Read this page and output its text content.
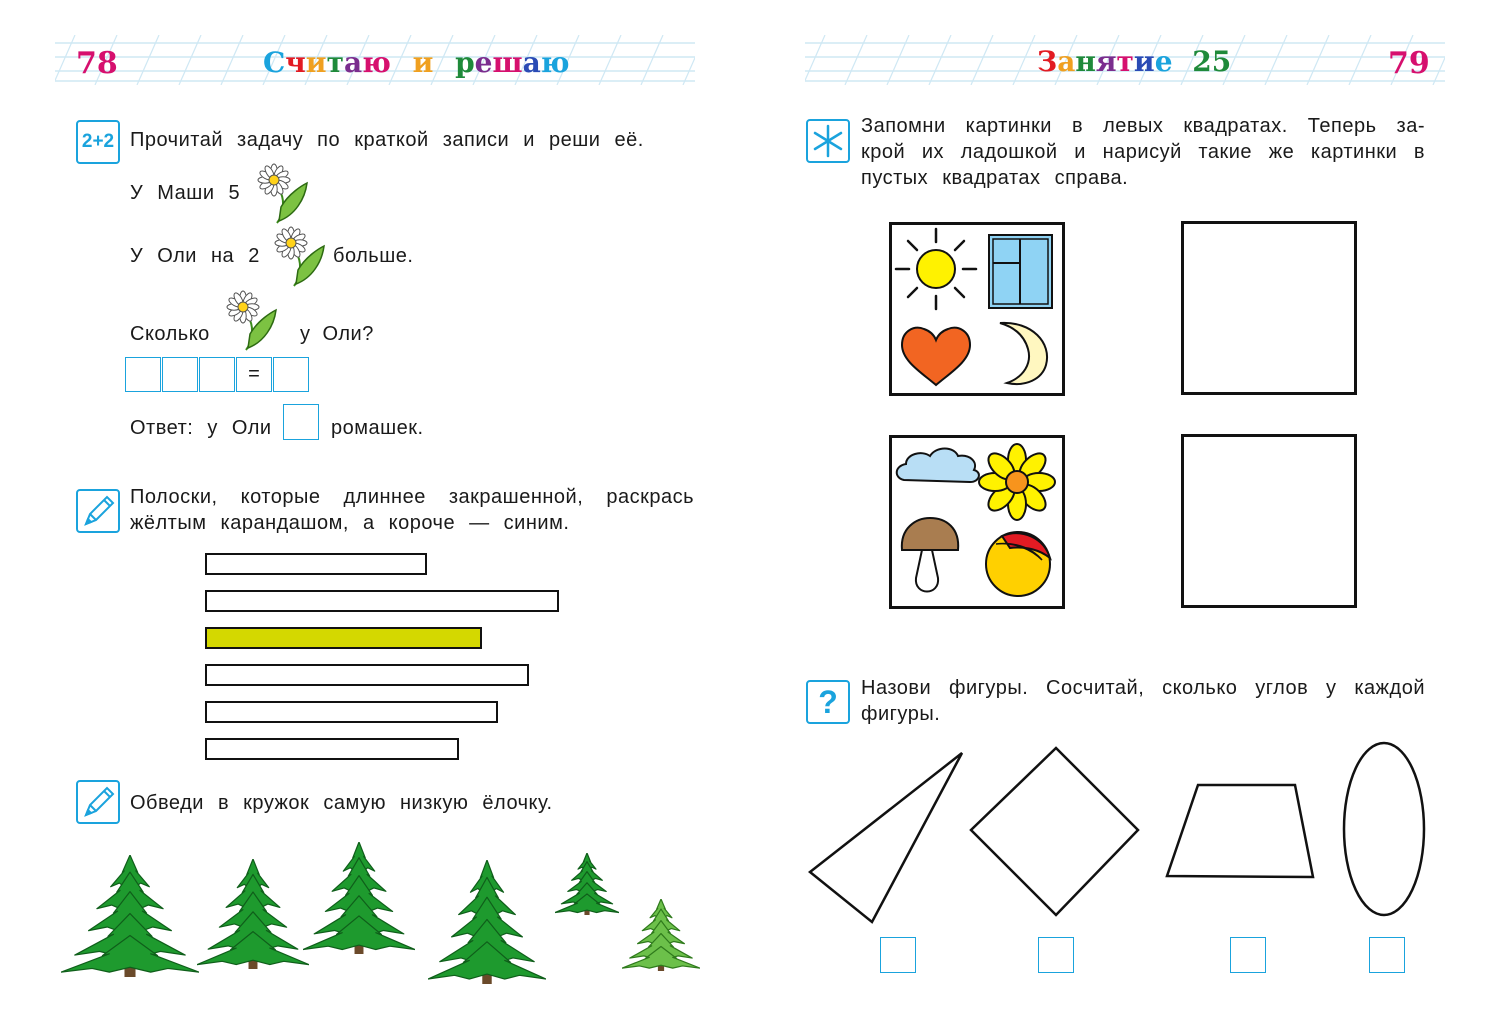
78	Считаю и решаю
2+2 Прочитай задачу по краткой записи и реши её.
У Маши 5
У Оли на 2	больше.
Сколько	у Оли?
=
Ответ: у Оли	ромашек.
Полоски, которые длиннее закрашенной, раскрась
жёлтым карандашом, а короче — синим.
Обведи в кружок самую низкую ёлочку.
Занятие 25	79
Запомни картинки в левых квадратах. Теперь за-
крой их ладошкой и нарисуй такие же картинки в
пустых квадратах справа.
?	Назови фигуры. Сосчитай, сколько углов у каждой
фигуры.
